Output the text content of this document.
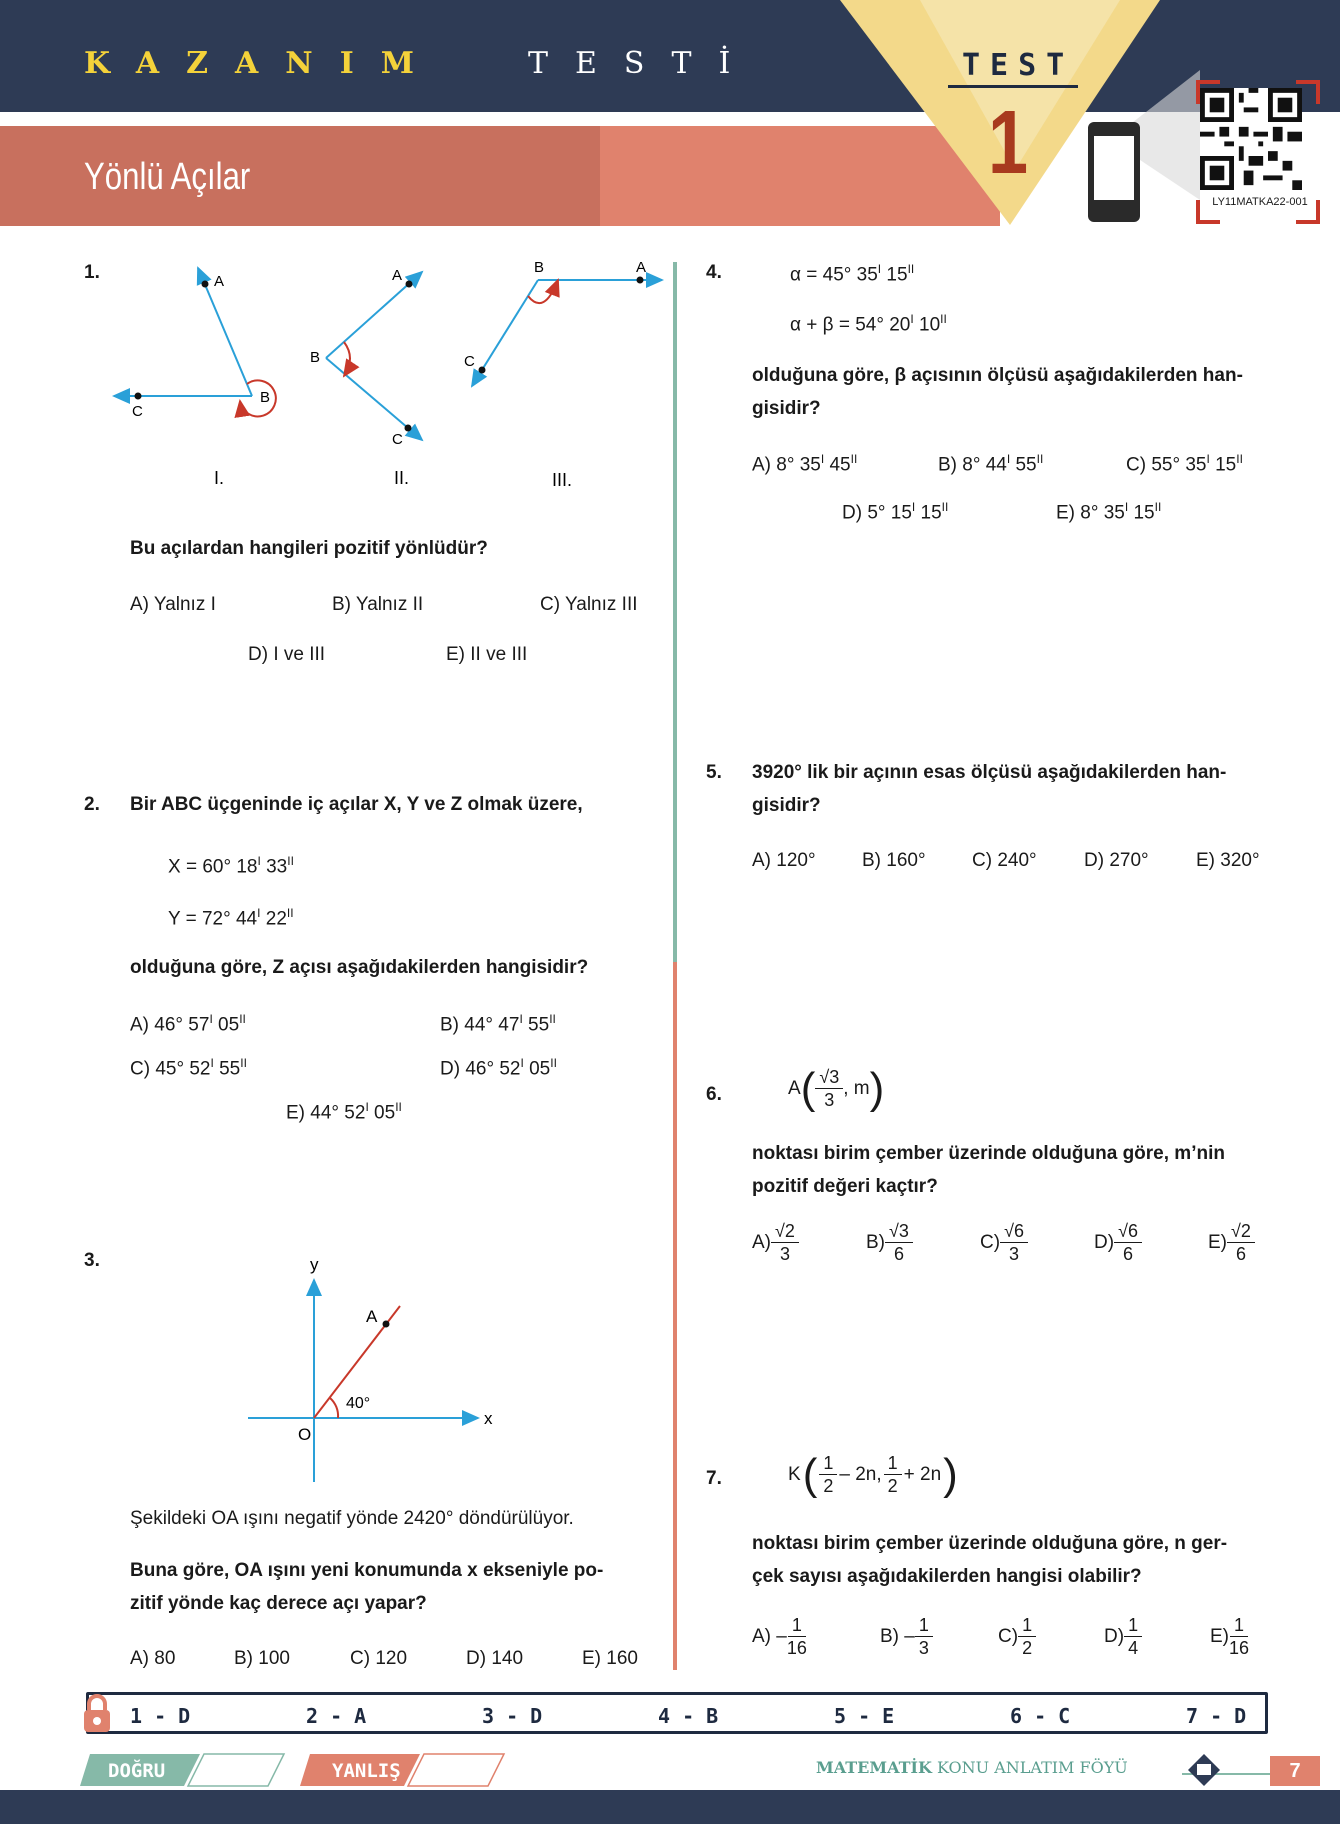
KAZANIM	TESTİ
Yönlü Açılar
TEST
1
LY11MATKA22-001
1.	A
B
C
A
B
C
B	A
C
I.	II.	III.
Bu açılardan hangileri pozitif yönlüdür?
A) Yalnız I	B) Yalnız II	C) Yalnız III
D) I ve III	E) II ve III
2. Bir ABC üçgeninde iç açılar X, Y ve Z olmak üzere,
X = 60° $18^I$ $33^{II}$
Y = 72° $44^I$ $22^{II}$
olduğuna göre, Z açısı aşağıdakilerden hangisidir?
A) 46° $57^I$ $05^{II}$	B) 44° $47^I$ $55^{II}$
C) 45° $52^I$ $55^{II}$	D) 46° $52^I$ $05^{II}$
E) 44° $52^I$ $05^{II}$
3.	y
x
A
O
40°
Şekildeki OA ışını negatif yönde 2420° döndürülüyor.
Buna göre, OA ışını yeni konumunda x ekseniyle po-
zitif yönde kaç derece açı yapar?
A) 80	B) 100	C) 120	D) 140	E) 160
4.	α = 45° $35^I$ $15^{II}$
α + β = 54° $20^I$ $10^{II}$
olduğuna göre, β açısının ölçüsü aşağıdakilerden han-
gisidir?
A) 8° $35^I$ $45^{II}$	B) 8° $44^I$ $55^{II}$	C) 55° $35^I$ $15^{II}$
D) 5° $15^I$ $15^{II}$	E) 8° $35^I$ $15^{II}$
5. 3920° lik bir açının esas ölçüsü aşağıdakilerden han-
gisidir?
A) 120° B) 160° C) 240° D) 270° E) 320°
6.	A ( $\frac{√3}{3}$ , m )
noktası birim çember üzerinde olduğuna göre, m’nin
pozitif değeri kaçtır?
$A) \frac{√2}{3}$	$B) \frac{√3}{6}$	$C) \frac{√6}{3}$	$D) \frac{√6}{6}$	$E) \frac{√2}{6}$
7.	K ( $\frac{1}{2} - 2n$, $\frac{1}{2} + 2n$ )
noktası birim çember üzerinde olduğuna göre, n ger-
çek sayısı aşağıdakilerden hangisi olabilir?
$A) - \frac{1}{16}$	$B) - \frac{1}{3}$	$C) \frac{1}{2}$	$D) \frac{1}{4}$	$E) \frac{1}{16}$
1 - D	2 - A	3 - D	4 - B	5 - E	6 - C	7 - D
DOĞRU	YANLIŞ	MATEMATİK KONU ANLATIM FÖYÜ	7
